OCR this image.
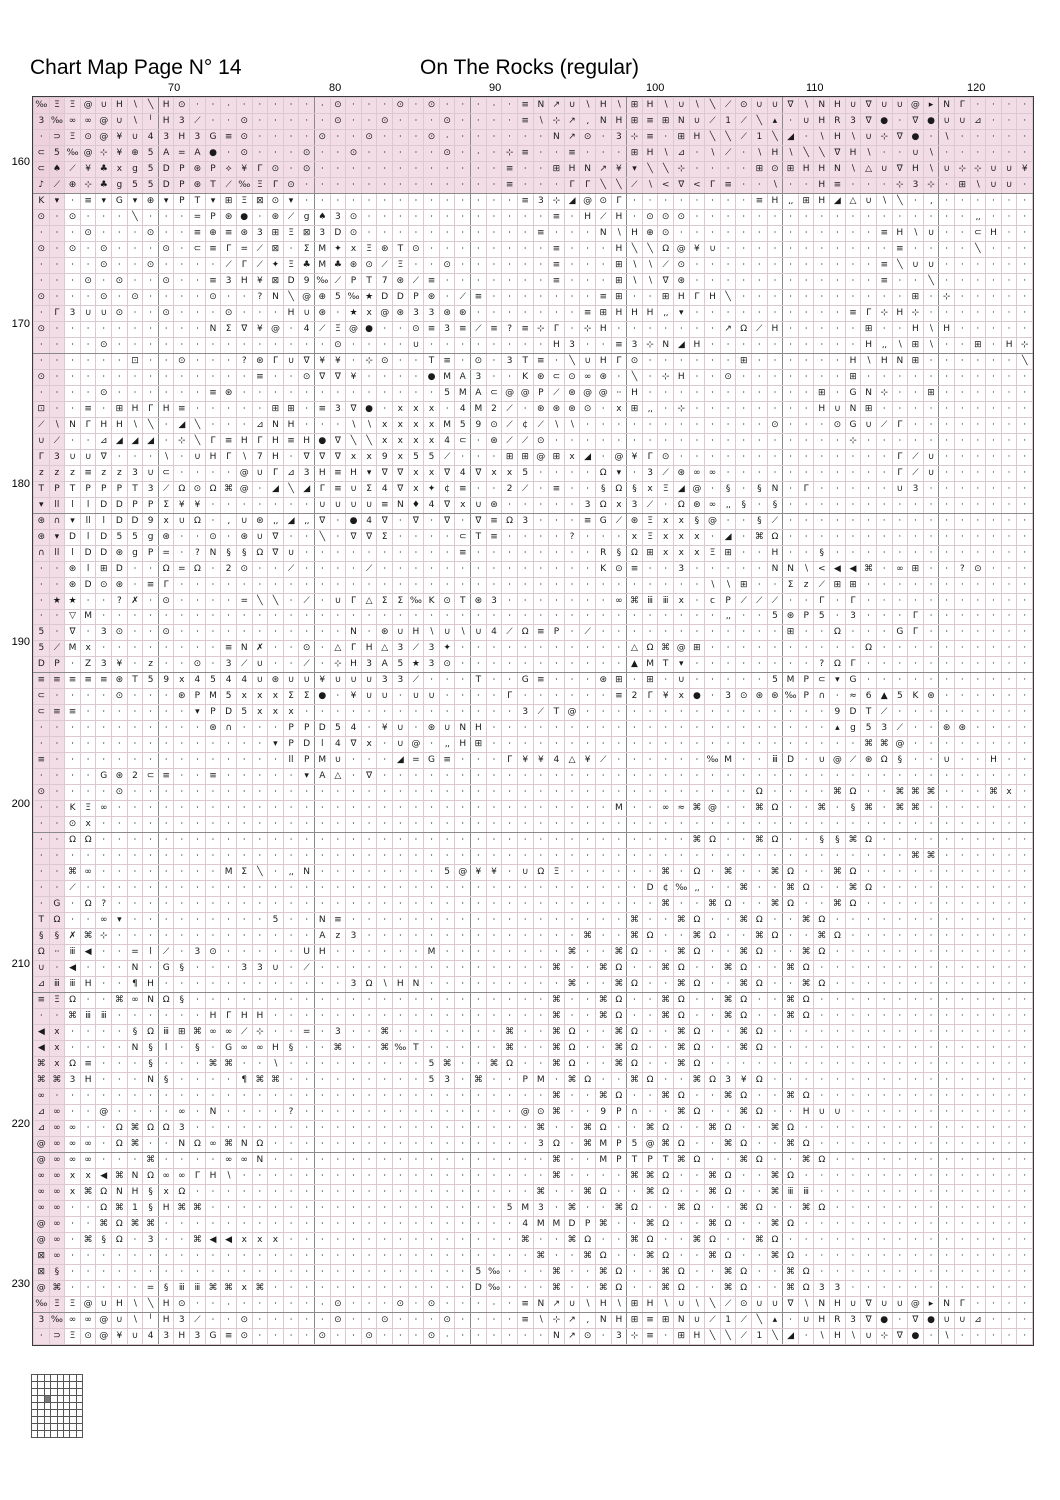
Chart Map Page N° 14	On The Rocks (regular)
70	80	90	100	110	120
160
170
180
190
200
210
220
230
‰	Ξ	Ξ	@	∪	H	∖	╲	H	⊙	·	⸱	⸳	⸱	·	⸱	⸱	·	⸳	⊙	·	⸱	·	⊙	·	⊙	⸱	·	⸱	⸳	·	≡	N	↗	∪	∖	H	∖	⊞	H	∖	∪	∖	╲	⟋	⊙	∪	∪	∇	∖	N	H	∪	∇	∪	∪	@	▸	N	Γ	·	·	·	·
3	‰	∞	∞	@	∪	∖	╵	H	3	⟋	⸱	·	⊙	·	⸱	⸱	·	⸱	⊙	·	⸱	⊙	⸱	⸱	·	⊙	⸱	·	⸱	·	≡	∖	⊹	↗	⸲	N	H	⊞	≡	⊞	N	∪	⟋	1	⟋	╲	▴	⸱	∪	H	R	3	∇	●	⸱	∇	●	∪	∪	⊿	·	·	·
⸱	⊃	Ξ	⊙	@	¥	∪	4	3	H	3	G	≡	⊙	⸱	·	⸱	·	⊙	⸱	⸱	⊙	·	⸱	⸱	⊙	⸳	⸱	·	⸱	·	⸱	⸱	N	↗	⊙	⸱	3	⊹	≡	⸱	⊞	H	╲	╲	⟋	1	╲	◢	⸱	∖	H	∖	∪	⊹	∇	●	⸱	∖	⸱	·	·	·	·
⊂	5	‰	@	⊹	¥	⊕	5	A	=	A	●	⸱	⊙	·	⸱	⸱	⊙	·	⸱	⊙	⸱	⸱	⸱	⸱	⸱	⊙	⸱	⸳	⸱	⊹	≡	⸱	⸱	≡	⸱	⸱	⸱	⊞	H	∖	⊿	⸱	∖	⟋	⸱	∖	H	∖	╲	╲	∇	H	∖	⸱	·	∪	∖	·	·	·	·	·	·
⊂	♠	⟋	¥	♣	ⅹ	g	5	D	P	⊛	P	⟡	¥	Γ	⊙	⸱	⊙	⸱	⸱	⸱	⸱	⸱	⸱	⸱	⸱	⸱	⸱	⸱	⸱	≡	⸱	⸱	⊞	H	N	↗	¥	▾	╲	╲	⊹	⸱	⸱	⸱	⸱	⊞	⊙	⊞	H	H	N	∖	△	∪	∇	H	∖	∪	⊹	⊹	∪	∪	¥
♪	⟋	⊕	⊹	♣	g	5	5	D	P	⊛	T	⟋	‰	Ξ	Γ	⊙	⸱	⸱	⸱	⸱	⸱	⸱	⸱	⸱	⸱	⸱	⸱	⸱	⸱	≡	⸱	⸱	⸱	Γ	Γ	╲	╲	⟋	∖	<	∇	<	Γ	≡	⸱	⸱	∖	⸱	⸱	H	≡	⸱	⸱	⸱	⊹	3	⊹	⸱	⊞	∖	∪	∪	⸱
K	▾	⸱	≡	▾	G	▾	⊕	▾	P	T	▾	⊞	Ξ	⊠	⊙	▾	⸱	⸱	⸱	⸱	⸱	⸱	⸱	⸱	⸱	⸱	⸱	⸱	⸱	⸱	≡	3	⊹	◢	@	⊙	Γ	⸱	·	⸱	⸱	·	⸱	⸱	·	≡	H	⸲⸲	⊞	H	◢	△	∪	∖	╲	⸱	⸲	·	·	·	·	·	·
⊙	⸱	⊙	⸱	⸱	⸱	╲	⸱	⸱	⸱	=	P	⊛	●	⸱	⊛	⟋	g	♠	3	⊙	⸱	⸱	⸱	⸱	⸱	⸱	⸱	⸱	⸱	⸱	⸱	⸱	≡	⸱	H	⟋	H	⸱	⊙	⊙	⊙	⸱	⸱	⸱	⸱	·	⸱	⸱	⸱	⸱	⸱	⸱	⸱	⸱	⸱	⸱	⸱	⸱	⸱	⸲⸲	·	·	·
⸱	⸱	⸱	⊙	⸱	⸱	⸱	⊙	⸱	⸱	≡	⊕	≡	⊛	3	⊞	Ξ	⊠	3	D	⊙	⸱	⸱	⸱	⸱	⸱	⸱	⸱	⸱	⸱	⸱	⸱	≡	⸱	⸱	⸱	N	∖	H	⊕	⊙	⸱	⸱	⸱	⸱	⸱	⸱	⸱	⸱	⸱	⸱	⸱	⸱	⸱	≡	H	∖	∪	⸱	⸱	⊂	H	·	·
⊙	⸱	⊙	⸱	⊙	⸱	⸱	⸱	⊙	⸱	⊂	≡	Γ	=	⟋	⊠	⸱	Σ	M	✦	ⅹ	Ξ	⊛	T	⊙	⸱	⸱	⸱	⸱	⸱	⸱	⸱	⸱	≡	⸱	⸱	⸱	H	╲	╲	Ω	@	¥	∪	⸱	⸱	⸱	⸱	⸱	⸱	⸱	⸱	⸱	⸱	⸱	≡	⸱	⸱	⸱	⸱	╲	⸱	·	·
⸱	⸱	⸱	⸱	⊙	⸱	⸱	⊙	⸱	⸱	⸱	⸱	⟋	Γ	⟋	✦	Ξ	♣	M	♣	⊛	⊙	⟋	Ξ	⸱	⸱	⊙	⸱	⸱	⸱	⸱	⸱	⸱	≡	⸱	⸱	⸱	⊞	∖	∖	⟋	⊙	⸱	⸱	⸱	⸱	⸱	⸱	⸱	⸱	⸱	⸱	⸱	⸱	≡	╲	∪	∪	·	·	·	·	·	·
⸱	⸱	⸱	⊙	⸱	⊙	⸱	⸱	⊙	⸱	⸱	≡	3	H	¥	⊠	D	9	‰	⟋	P	T	7	⊛	⟋	≡	⸱	⸱	⸱	⸱	⸱	⸱	⸱	≡	⸱	⸱	⸱	⊞	∖	∖	∇	⊛	⸱	⸱	⸱	⸱	⸱	⸱	⸱	⸱	⸱	⸱	⸱	⸱	≡	⸱	⸱	╲	·	·	·	·	·	·
⊙	⸱	⸱	⸱	⊙	⸱	⊙	⸱	⸱	⸱	⸱	⊙	⸱	⸱	?	N	╲	@	⊕	5	‰	★	D	D	P	⊛	⸱	⟋	≡	⸱	⸱	⸱	⸱	⸱	⸱	⸱	≡	⊞	⸱	⸱	⊞	H	Γ	H	╲	⸱	⸱	⸱	⸱	⸱	⸱	⸱	⸱	⸱	⸱	⸱	⊞	⸱	⊹	⸱	·	·	·	·
⸱	Γ	3	∪	∪	⊙	⸱	⸱	⊙	⸱	⸱	⸱	⊙	⸱	⸱	⸱	H	∪	⊛	⸱	★	ⅹ	@	⊛	3	3	⊛	⊛	⸱	⸱	⸱	⸱	⸱	⸱	⸱	≡	⊞	H	H	H	⸲⸲	▾	⸱	⸱	⸱	⸱	⸱	⸱	⸱	⸱	⸱	⸱	≡	Γ	⊹	H	⊹	·	·	·	·	·	·	·
⊙	⸱	⸱	⸱	⸱	⸱	⸱	⸱	⸱	⸱	⸱	N	Σ	∇	¥	@	⸱	4	⟋	Ξ	@	●	⸱	⸱	⊙	≡	3	≡	⟋	≡	?	≡	⊹	Γ	⸱	⊹	H	⸱	⸱	⸱	⸱	⸱	⸱	⸱	↗	Ω	⟋	H	⸱	⸱	⸱	⸱	⸱	⊞	⸱	⸱	H	∖	H	·	·	·	·	·
⸱	⸱	⸱	⸱	⊙	⸱	⸱	⸱	⸱	⸱	⸱	⸱	⸱	⸱	⸱	⸱	⸱	⸱	⸱	⊙	⸱	⸱	⸱	⸱	∪	⸱	⸱	⸱	⸱	⸱	⸱	⸱	⸱	H	3	⸱	⸱	≡	3	⊹	N	◢	H	⸱	⸱	⸱	⸱	⸱	⸱	⸱	⸱	⸱	⸱	H	⸲⸲	∖	⊞	∖	⸱	⸱	⊞	⸱	H	⊹
⸱	⸱	⸱	⸱	⸱	⸱	⊡	⸱	⸱	⊙	⸱	⸱	⸱	?	⊛	Γ	∪	∇	¥	¥	⸱	⊹	⊙	⸱	⸱	T	≡	⸱	⊙	⸱	3	T	≡	⸱	╲	∪	H	Γ	⊙	⸱	⸱	⸱	⸱	⸱	⸱	⊞	⸱	⸱	⸱	⸱	⸱	⸱	H	∖	H	N	⊞	⸱	⸱	⸱	⸱	⸱	⸱	╲
⊙	⸱	⸱	⸱	⸱	⸱	⸱	⸱	⸱	⸱	⸱	⸱	⸱	⸱	≡	⸱	⸱	⊙	∇	∇	¥	⸱	⸱	⸱	⸱	●	M	A	3	⸱	⸱	K	⊛	⊂	⊙	∞	⊛	⸱	╲	⸱	⊹	H	⸱	⸱	⊙	⸱	⸱	⸱	⸱	⸱	⸱	⸱	⊞	⸱	⸱	⸱	⸱	⸱	⸱	⸱	·	·	·	·
⸱	⸱	⸱	⸱	⊙	⸱	⸱	⸱	⸱	⸱	⸱	≡	⊛	⸱	⸱	⸱	⸱	⸱	⸱	⸱	⸱	⸱	⸱	⸱	⸱	⸱	5	M	A	⊂	@	@	P	⟋	⊛	@	@	⸱⸱	H	⸱	⸱	⸱	⸱	⸱	⸱	⸱	⸱	⸱	⸱	⸱	⊞	⸱	G	N	⊹	⸱	⸱	⊞	⸱	⸱	·	·	·	·
⊡	⸱	⸱	≡	⸱	⊞	H	Γ	H	≡	⸱	⸱	⸱	⸱	⸱	⊞	⊞	⸱	≡	3	∇	●	⸱	ⅹ	ⅹ	ⅹ	⸱	4	M	2	⟋	⸱	⊛	⊛	⊛	⊙	⸱	ⅹ	⊞	⸲⸲	⸱	⊹	⸱	⸱	⸱	⸱	⸱	⸱	⸱	⸱	H	∪	N	⊞	⸱	⸱	·	·	·	·	·	·	·	·
⟋	∖	N	Γ	H	H	∖	╲	⸱	◢	╲	⸱	⸱	⸱	⊿	N	H	⸱	⸱	⸱	∖	∖	ⅹ	ⅹ	ⅹ	ⅹ	M	5	9	⊙	⟋	¢	⟋	∖	∖	⸱	⸱	⸱	⸱	⸱	⸱	⸱	⸱	⸱	⸱	⸱	⸱	⊙	⸱	⸱	⸱	⊙	G	∪	⟋	Γ	⸱	⸱	·	·	·	·	·	·
∪	⟋	⸱	⸱	⊿	◢	◢	◢	⸱	⊹	╲	Γ	≡	H	Γ	H	≡	H	●	∇	╲	╲	ⅹ	ⅹ	ⅹ	ⅹ	4	⊂	⸱	⊛	⟋	⟋	⊙	⸱	⸱	⸱	⸱	⸱	⸱	⸱	⸱	⸱	⸱	⸱	⸱	⸱	⸱	⸱	⸱	⸱	⸱	⸱	⊹	⸱	⸱	⸱	⸱	⸱	·	·	·	·	·	·
Γ	3	∪	∪	∇	⸱	⸱	⸱	∖	⸱	∪	H	Γ	∖	7	H	⸱	∇	∇	∇	ⅹ	ⅹ	9	ⅹ	5	5	⟋	⸱	⸱	⸱	⊞	⊞	@	⊞	ⅹ	◢	⸱	@	¥	Γ	⊙	⸱	⸱	⸱	⸱	⸱	⸱	⸱	⸱	⸱	⸱	⸱	⸱	⸱	⸱	Γ	⟋	∪	·	·	·	·	·	·
z	z	z	≡	z	z	3	∪	⊂	⸱	⸱	⸱	⸱	@	∪	Γ	⊿	3	H	≡	H	▾	∇	∇	ⅹ	ⅹ	∇	4	∇	ⅹ	ⅹ	5	⸱	⸱	⸱	⸱	Ω	▾	⸱	3	⟋	⊛	∞	∞	⸱	⸱	⸱	⸱	⸱	⸱	⸱	⸱	⸱	⸱	⸱	Γ	⟋	∪	·	·	·	·	·	·
T	P	T	P	P	P	T	3	⟋	Ω	⊙	Ω	⌘	@	⸱	◢	╲	◢	Γ	≡	∪	Σ	4	∇	ⅹ	✦	¢	≡	⸱	⸱	2	⟋	⸱	≡	⸱	⸱	§	Ω	§	ⅹ	Ξ	◢	@	⸱	§	⸱	§	N	⸱	Γ	⸱	⸱	⸱	⸱	⸱	∪	3	·	·	·	·	·	·	·
▾	ⅼⅼ	ⅼ	ⅼ	D	D	P	P	Σ	¥	¥	⸱	⸱	⸱	⸱	⸱	⸱	⸱	∪	∪	∪	∪	≡	N	♦	4	∇	ⅹ	∪	⊛	⸱	⸱	⸱	⸱	⸱	3	Ω	ⅹ	3	⟋	⸱	Ω	⊛	∞	⸲⸲	§	⸱	§	⸱	⸱	⸱	⸱	⸱	⸱	⸱	⸱	⸱	·	·	·	·	·	·	·
⊛	∩	▾	ⅼⅼ	ⅼ	D	D	9	ⅹ	∪	Ω	⸱	⸲	∪	⊛	⸲⸲	◢	⸲⸲	∇	⸱	●	4	∇	⸱	∇	⸱	∇	⸱	∇	≡	Ω	3	⸱	⸱	⸱	≡	G	⟋	⊛	Ξ	ⅹ	ⅹ	§	@	⸱	⸱	§	⟋	⸱	⸱	⸱	⸱	⸱	·	·	·	·	·	·	·	·	·	·	·
⊛	▾	D	ⅼ	D	5	5	g	⊛	⸱	⸱	⊙	⸱	⊛	∪	∇	⸱	⸱	╲	⸱	∇	∇	Σ	⸱	⸱	⸱	⸱	⊂	T	≡	⸱	⸱	⸱	⸱	?	⸱	⸱	⸱	ⅹ	Ξ	ⅹ	ⅹ	ⅹ	⸱	◢	⸱	⌘	Ω	⸱	⸱	⸱	⸱	⸱	⸱	⸱	·	·	·	·	·	·	·	·	·
∩	ⅼⅼ	ⅼ	D	D	⊛	g	P	=	⸱	?	N	§	§	Ω	∇	∪	⸱	⸱	⸱	⸱	⸱	⸱	⸱	⸱	⸱	⸱	≡	⸱	⸱	⸱	⸱	⸱	⸱	⸱	⸱	R	§	Ω	⊞	ⅹ	ⅹ	ⅹ	Ξ	⊞	⸱	⸱	H	⸱	⸱	§	⸱	⸱	⸱	⸱	⸱	⸱	·	·	·	·	·	·	·
⸱	⸱	⊛	ⅼ	⊞	D	⸱	⸱	Ω	=	Ω	⸱	2	⊙	⸱	⸱	⟋	⸱	⸱	⸱	⸱	⟋	⸱	⸱	⸱	⸱	⸱	⸱	⸱	⸱	⸱	⸱	⸱	⸱	⸱	⸱	K	⊙	≡	⸱	⸱	3	⸱	⸱	⸱	⸱	⸱	N	N	∖	<	◀	◀	⌘	⸱	∞	⊞	⸱	⸱	?	⊙	·	·	·
⸱	⸱	⊛	D	⊙	⊛	⸱	≡	Γ	⸱	⸱	⸱	⸱	⸱	⸱	⸱	⸱	⸱	⸱	⸱	⸱	⸱	⸱	⸱	⸱	⸱	⸱	⸱	⸱	⸱	⸱	⸱	⸱	⸱	⸱	⸱	⸱	⸱	⸱	⸱	⸱	⸱	⸱	∖	∖	⊞	⸱	⸱	Σ	z	⟋	⊞	⊞	⸱	⸱	⸱	⸱	·	·	·	·	·	·	·
⸱	★	★	⸱	⸱	?	✗	⸱	⊙	⸱	⸱	⸱	⸱	=	╲	╲	⸱	⟋	⸱	∪	Γ	△	Σ	Σ	‰	K	⊙	T	⊛	3	⸱	⸱	⸱	⸱	⸱	⸱	⸱	∞	⌘	ⅲ	ⅲ	ⅹ	⸱	c	P	⟋	⟋	⟋	⸱	⸱	Γ	⸱	Γ	⸱	·	·	·	·	·	·	·	·	·	·
⸱	⸱	▽	M	⸱	⸱	⸱	⸱	⸱	⸱	⸱	⸱	⸱	⸱	⸱	⸱	⸱	⸱	⸱	⸱	⸱	⸱	⸱	⸱	⸱	⸱	⸱	⸱	⸱	⸱	⸱	⸱	⸱	⸱	⸱	⸱	⸱	⸱	⸱	⸱	⸱	⸱	⸱	⸱	⸲⸲	⸱	⸱	5	⊛	P	5	⸱	3	⸱	⸱	⸱	Γ	⸱	⸱	·	·	·	·	·
5	⸱	∇	⸱	3	⊙	⸱	⸱	⊙	⸱	⸱	⸱	⸱	⸱	⸱	⸱	⸱	⸱	⸱	⸱	N	⸱	⊛	∪	H	∖	∪	∖	∪	4	⟋	Ω	≡	P	⸱	⟋	⸱	⸱	⸱	⸱	⸱	⸱	⸱	⸱	⸱	⸱	⸱	⸱	⊞	⸱	⸱	Ω	⸱	⸱	⸱	G	Γ	⸱	⸱	·	·	·	·	·
5	⟋	M	ⅹ	⸱	⸱	⸱	⸱	⸱	⸱	⸱	⸱	≡	N	✗	⸱	⸱	⊙	⸱	△	Γ	H	△	3	⟋	3	✦	⸱	⸱	⸱	⸱	⸱	⸱	⸱	⸱	⸱	⸱	⸱	△	Ω	⌘	@	⊞	⸱	⸱	⸱	⸱	⸱	⸱	⸱	⸱	⸱	⸱	Ω	⸱	⸱	·	·	·	·	·	·	·	·
D	P	⸱	Z	3	¥	⸱	z	⸱	⸱	⊙	⸱	3	⟋	∪	⸱	⸱	⟋	⸱	⊹	H	3	A	5	★	3	⊙	⸱	⸱	⸱	⸱	⸱	⸱	⸱	⸱	⸱	⸱	⸱	▲	M	T	▾	⸱	⸱	⸱	⸱	⸱	⸱	⸱	⸱	?	Ω	Γ	⸱	⸱	·	·	·	·	·	·	·	·	·
≡	≡	≡	≡	≡	⊛	T	5	9	ⅹ	4	5	4	4	∪	⊛	∪	∪	¥	∪	∪	∪	3	3	⟋	⸱	⸱	⸱	T	⸱	⸱	G	≡	⸱	⸱	⸱	⊛	⊞	⸱	⊞	⸱	∪	⸱	⸱	⸱	⸱	⸱	5	M	P	⊂	▾	G	⸱	⸱	⸱	⸱	·	·	·	·	·	·	·
⊂	⸱	⸱	⸱	⸱	⊙	⸱	⸱	⸱	⊛	P	M	5	ⅹ	ⅹ	ⅹ	Σ	Σ	●	⸱	¥	∪	∪	⸱	∪	∪	⸱	⸱	⸱	⸱	Γ	⸱	⸱	⸱	⸱	⸱	⸱	≡	2	Γ	¥	ⅹ	●	⸱	3	⊙	⊛	⊛	‰	P	∩	⸱	≈	6	▲	5	K	⊛	⸱	⸱	⸱	⸱	⸱	·
⊂	≡	≡	⸱	⸱	⸱	⸱	⸱	⸱	⸱	▾	P	D	5	ⅹ	ⅹ	ⅹ	⸱	⸱	⸱	⸱	⸱	⸱	⸱	⸱	⸱	⸱	⸱	⸱	⸱	⸱	3	⟋	T	@	⸱	⸱	⸱	⸱	⸱	⸱	⸱	⸱	⸱	⸱	⸱	⸱	⸱	⸱	⸱	⸱	9	D	T	⟋	⸱	⸱	⸱	⸱	⸱	·	·	·	·
⸱	⸱	⸱	⸱	⸱	⸱	⸱	⸱	⸱	⸱	⸱	⊛	∩	⸱	⸱	⸱	P	P	D	5	4	⸱	¥	∪	⸱	⊛	∪	N	H	⸱	⸱	⸱	⸱	⸱	⸱	⸱	⸱	⸱	⸱	⸱	⸱	⸱	⸱	⸱	⸱	⸱	⸱	⸱	⸱	⸱	⸱	▴	g	5	3	⟋	⸱	⸱	⊛	⊛	⸱	⸱	·	·
⸱	⸱	⸱	⸱	⸱	⸱	⸱	⸱	⸱	⸱	⸱	⸱	⸱	⸱	⸱	▾	P	D	ⅼ	4	∇	ⅹ	⸱	∪	@	⸱	⸲⸲	H	⊞	⸱	⸱	⸱	⸱	⸱	⸱	⸱	⸱	⸱	⸱	⸱	⸱	⸱	⸱	⸱	⸱	⸱	⸱	⸱	⸱	⸱	⸱	⸱	⸱	⌘	⌘	@	⸱	⸱	·	·	·	·	·	·
≡	⸱	⸱	⸱	⸱	⸱	⸱	⸱	⸱	⸱	⸱	⸱	⸱	⸱	⸱	⸱	ⅼⅼ	P	M	∪	⸱	⸱	⸱	◢	=	G	≡	⸱	⸱	⸱	Γ	¥	¥	4	△	¥	⟋	⸱	⸱	⸱	⸱	⸱	⸱	‰	M	⸱	⸱	ⅲ	D	⸱	∪	@	⟋	⊛	Ω	§	⸱	⸱	∪	⸱	⸱	H	⸱	⸱
⸱	⸱	⸱	⸱	G	⊛	2	⊂	≡	⸱	⸱	≡	⸱	⸱	⸱	⸱	⸱	▾	A	△	⸱	∇	⸱	⸱	⸱	⸱	⸱	⸱	⸱	⸱	⸱	⸱	⸱	⸱	⸱	⸱	⸱	⸱	⸱	⸱	⸱	⸱	⸱	⸱	⸱	⸱	⸱	⸱	⸱	⸱	⸱	⸱	⸱	⸱	⸱	⸱	⸱	⸱	⸱	⸱	⸱	⸱	·	·
⊙	⸱	⸱	⸱	⸱	⊙	⸱	⸱	⸱	⸱	⸱	⸱	⸱	⸱	⸱	⸱	⸱	⸱	⸱	⸱	⸱	⸱	⸱	⸱	⸱	⸱	⸱	⸱	⸱	⸱	⸱	⸱	⸱	⸱	⸱	⸱	⸱	⸱	⸱	⸱	⸱	⸱	⸱	⸱	⸱	⸱	Ω	⸱	⸱	⸱	⸱	⌘	Ω	⸱	⸱	⌘	⌘	⌘	⸱	⸱	⸱	⌘	ⅹ	·
⸱	⸱	K	Ξ	∞	⸱	⸱	⸱	⸱	⸱	⸱	⸱	⸱	⸱	⸱	⸱	⸱	⸱	⸱	⸱	⸱	⸱	⸱	⸱	⸱	⸱	⸱	⸱	⸱	⸱	⸱	⸱	⸱	⸱	⸱	⸱	⸱	M	⸱	⸱	∞	≈	⌘	@	⸱	⸱	⌘	Ω	⸱	⸱	⌘	⸱	§	⌘	⸱	⌘	⌘	⸱	·	·	·	·	·	·
⸱	⸱	⊙	ⅹ	⸱	⸱	⸱	⸱	⸱	⸱	⸱	⸱	⸱	⸱	⸱	⸱	⸱	⸱	⸱	⸱	⸱	⸱	⸱	⸱	⸱	⸱	⸱	⸱	⸱	⸱	⸱	⸱	⸱	⸱	⸱	⸱	⸱	⸱	⸱	⸱	⸱	⸱	⸱	⸱	⸱	⸱	⸱	⸱	⸱	⸱	⸱	⸱	⸱	⸱	⸱	⸱	⸱	⸱	⸱	⸱	⸱	·	·	·
⸱	⸱	Ω	Ω	⸱	⸱	⸱	⸱	⸱	⸱	⸱	⸱	⸱	⸱	⸱	⸱	⸱	⸱	⸱	⸱	⸱	⸱	⸱	⸱	⸱	⸱	⸱	⸱	⸱	⸱	⸱	⸱	⸱	⸱	⸱	⸱	⸱	⸱	⸱	⸱	⸱	⸱	⌘	Ω	⸱	⸱	⌘	Ω	⸱	⸱	§	§	⌘	Ω	⸱	⸱	·	·	·	·	·	·	·	·
⸱	⸱	⸱	⸱	⸱	⸱	⸱	⸱	⸱	⸱	⸱	⸱	⸱	⸱	⸱	⸱	⸱	⸱	⸱	⸱	⸱	⸱	⸱	⸱	⸱	⸱	⸱	⸱	⸱	⸱	⸱	⸱	⸱	⸱	⸱	⸱	⸱	⸱	⸱	⸱	⸱	⸱	⸱	⸱	⸱	⸱	⸱	⸱	⸱	⸱	⸱	⸱	⸱	⸱	⸱	⸱	⌘	⌘	⸱	·	·	·	·	·
⸱	⸱	⌘	∞	⸱	⸱	⸱	⸱	⸱	⸱	⸱	⸱	M	Σ	╲	⸱	⸲⸲	N	⸱	⸱	⸱	⸱	⸱	⸱	⸱	⸱	5	@	¥	¥	⸱	∪	Ω	Ξ	⸱	⸱	⸱	⸱	⸱	⸱	⌘	⸱	Ω	⸱	⌘	⸱	⸱	⌘	Ω	⸱	⸱	⌘	Ω	⸱	⸱	·	·	·	·	·	·	·	·	·
⸱	⸱	⟋	⸱	⸱	⸱	⸱	⸱	⸱	⸱	⸱	⸱	⸱	⸱	⸱	⸱	⸱	⸱	⸱	⸱	⸱	⸱	⸱	⸱	⸱	⸱	⸱	⸱	⸱	⸱	⸱	⸱	⸱	⸱	⸱	⸱	⸱	⸱	⸱	D	¢	‰	⸲⸲	⸱	⸱	⌘	⸱	⸱	⌘	Ω	⸱	⸱	⌘	Ω	⸱	·	·	·	·	·	·	·	·	·
⸱	G	⸱	Ω	?	⸱	⸱	⸱	⸱	⸱	⸱	⸱	⸱	⸱	⸱	⸱	⸱	⸱	⸱	⸱	⸱	⸱	⸱	⸱	⸱	⸱	⸱	⸱	⸱	⸱	⸱	⸱	⸱	⸱	⸱	⸱	⸱	⸱	⸱	⸱	⌘	⸱	⸱	⌘	Ω	⸱	⸱	⌘	Ω	⸱	⸱	⌘	Ω	⸱	⸱	·	·	·	·	·	·	·	·	·
T	Ω	⸱	⸱	∞	▾	⸱	⸱	⸱	⸱	⸱	⸱	⸱	⸱	⸱	5	⸱	⸱	N	≡	⸱	⸱	⸱	⸱	⸱	⸱	⸱	⸱	⸱	⸱	⸱	⸱	⸱	⸱	⸱	⸱	⸱	⸱	⌘	⸱	⸱	⌘	Ω	⸱	⸱	⌘	Ω	⸱	⸱	⌘	Ω	⸱	⸱	·	·	·	·	·	·	·	·	·	·	·
§	§	✗	⌘	⊹	⸱	⸱	⸱	⸱	⸱	⸱	⸱	⸱	⸱	⸱	⸱	⸱	⸱	A	z	3	⸱	⸱	⸱	⸱	⸱	⸱	⸱	⸱	⸱	⸱	⸱	⸱	⸱	⸱	⌘	⸱	⸱	⌘	Ω	⸱	⸱	⌘	Ω	⸱	⸱	⌘	Ω	⸱	⸱	⌘	Ω	⸱	·	·	·	·	·	·	·	·	·	·	·
Ω	⸱⸱	ⅲ	◀	⸱	⸱	=	ⅼ	⟋	⸱	3	⊙	⸱	⸱	⸱	⸱	⸱	U	H	⸱	⸱	⸱	⸱	⸱	⸱	M	⸱	⸱	⸱	⸱	⸱	⸱	⸱	⸱	⌘	⸱	⸱	⌘	Ω	⸱	⸱	⌘	Ω	⸱	⸱	⌘	Ω	⸱	⸱	⌘	Ω	⸱	·	·	·	·	·	·	·	·	·	·	·	·
∪	⸱	◀	⸱	⸱	⸱	N	⸱	G	§	⸱	⸱	⸱	3	3	∪	⸱	⟋	⸱	⸱	⸱	⸱	⸱	⸱	⸱	⸱	⸱	⸱	⸱	⸱	⸱	⸱	⸱	⌘	⸱	⸱	⌘	Ω	⸱	⸱	⌘	Ω	⸱	⸱	⌘	Ω	⸱	⸱	⌘	Ω	⸱	·	·	·	·	·	·	·	·	·	·	·	·	·
⊿	ⅲ	ⅲ	H	⸱	⸱	¶	H	⸱	⸱	⸱	⸱	⸱	⸱	⸱	⸱	⸱	⸱	⸱	⸱	3	Ω	∖	H	N	⸱	⸱	⸱	⸱	⸱	⸱	⸱	⸱	⸱	⌘	⸱	⸱	⌘	Ω	⸱	⸱	⌘	Ω	⸱	⸱	⌘	Ω	⸱	⸱	⌘	Ω	⸱	·	·	·	·	·	·	·	·	·	·	·	·
≡	Ξ	Ω	⸱	⸱	⌘	∞	N	Ω	§	⸱	⸱	⸱	⸱	⸱	⸱	⸱	⸱	⸱	⸱	⸱	⸱	⸱	⸱	⸱	⸱	⸱	⸱	⸱	⸱	⸱	⸱	⸱	⌘	⸱	⸱	⌘	Ω	⸱	⸱	⌘	Ω	⸱	⸱	⌘	Ω	⸱	⸱	⌘	Ω	⸱	·	·	·	·	·	·	·	·	·	·	·	·	·
⸱	⸱	⌘	ⅲ	ⅲ	⸱	⸱	⸱	⸱	⸱	⸱	H	Γ	H	H	⸱	⸱	⸱	⸱	⸱	⸱	⸱	⸱	⸱	⸱	⸱	⸱	⸱	⸱	⸱	⸱	⸱	⸱	⌘	⸱	⸱	⌘	Ω	⸱	⸱	⌘	Ω	⸱	⸱	⌘	Ω	⸱	⸱	⌘	Ω	⸱	·	·	·	·	·	·	·	·	·	·	·	·	·
◀	ⅹ	⸱	⸱	⸱	⸱	§	Ω	ⅲ	⊞	⌘	∞	∞	⟋	⊹	⸱	⸱	=	⸱	3	⸱	⸱	⌘	⸱	⸱	⸱	⸱	⸱	⸱	⸱	⌘	⸱	⸱	⌘	Ω	⸱	⸱	⌘	Ω	⸱	⸱	⌘	Ω	⸱	⸱	⌘	Ω	⸱	·	·	·	·	·	·	·	·	·	·	·	·	·	·	·	·
◀	ⅹ	⸱	⸱	⸱	⸱	N	§	ⅼ	⸱	§	⸱	G	∞	∞	H	§	⸱	⸱	⌘	⸱	⸱	⌘	‰	T	⸱	⸱	⸱	⸱	⸱	⌘	⸱	⸱	⌘	Ω	⸱	⸱	⌘	Ω	⸱	⸱	⌘	Ω	⸱	⸱	⌘	Ω	⸱	·	·	·	·	·	·	·	·	·	·	·	·	·	·	·	·
⌘	ⅹ	Ω	≡	⸱	⸱	⸱	§	⸱	⸱	⸱	⌘	⌘	⸱	⸱	∖	⸱	⸱	⸱	⸱	⸱	⸱	⸱	⸱	⸱	5	⌘	⸱	⸱	⌘	Ω	⸱	⸱	⌘	Ω	⸱	⸱	⌘	Ω	⸱	⸱	⌘	Ω	⸱	·	·	·	·	·	·	·	·	·	·	·	·	·	·	·	·	·	·	·	·
⌘	⌘	3	H	⸱	⸱	⸱	N	§	⸱	⸱	⸱	⸱	¶	⌘	⌘	⸱	⸱	⸱	⸱	⸱	⸱	⸱	⸱	⸱	5	3	⸱	⌘	⸱	⸱	P	M	⸱	⌘	Ω	⸱	⸱	⌘	Ω	⸱	⸱	⌘	Ω	3	¥	Ω	·	·	·	·	·	·	·	·	·	·	·	·	·	·	·	·	·
∞	⸱	⸱	⸱	⸱	⸱	⸱	⸱	⸱	⸱	⸱	⸱	⸱	⸱	⸱	⸱	⸱	⸱	⸱	⸱	⸱	⸱	⸱	⸱	⸱	⸱	⸱	⸱	⸱	⸱	⸱	⸱	⸱	⌘	⸱	⸱	⌘	Ω	⸱	⸱	⌘	Ω	⸱	⸱	⌘	Ω	⸱	⸱	⌘	Ω	⸱	·	·	·	·	·	·	·	·	·	·	·	·	·
⊿	∞	⸱	⸱	@	⸱	⸱	⸱	⸱	∞	⸱	N	⸱	⸱	⸱	⸱	?	⸱	⸱	⸱	⸱	⸱	⸱	⸱	⸱	⸱	⸱	⸱	⸱	⸱	⸱	@	⊙	⌘	⸱	⸱	9	P	∩	⸱	⸱	⌘	Ω	⸱	⸱	⌘	Ω	⸱	⸱	H	∪	∪	·	·	·	·	·	·	·	·	·	·	·	·
⊿	∞	∞	⸱	⸱	Ω	⌘	Ω	Ω	3	⸱	⸱	⸱	⸱	⸱	⸱	⸱	⸱	⸱	⸱	⸱	⸱	⸱	⸱	⸱	⸱	⸱	⸱	⸱	⸱	⸱	⸱	⌘	⸱	⸱	⌘	Ω	⸱	⸱	⌘	Ω	⸱	⸱	⌘	Ω	⸱	⸱	⌘	Ω	⸱	·	·	·	·	·	·	·	·	·	·	·	·	·	·
@	∞	∞	∞	⸱	Ω	⌘	⸱	⸱	N	Ω	∞	⌘	N	Ω	⸱	⸱	⸱	⸱	⸱	⸱	⸱	⸱	⸱	⸱	⸱	⸱	⸱	⸱	⸱	⸱	⸱	3	Ω	⸱	⌘	M	P	5	@	⌘	Ω	⸱	⸱	⌘	Ω	⸱	⸱	⌘	Ω	⸱	·	·	·	·	·	·	·	·	·	·	·	·	·
@	∞	∞	∞	⸱	⸱	⸱	⌘	⸱	⸱	⸱	⸱	∞	∞	N	⸱	⸱	⸱	⸱	⸱	⸱	⸱	⸱	⸱	⸱	⸱	⸱	⸱	⸱	⸱	⸱	⸱	⸱	⌘	⸱	⸱	M	P	T	P	T	⌘	Ω	⸱	⸱	⌘	Ω	⸱	⸱	⌘	Ω	⸱	·	·	·	·	·	·	·	·	·	·	·	·
∞	∞	ⅹ	ⅹ	◀	⌘	N	Ω	∞	∞	Γ	H	∖	⸱	⸱	⸱	⸱	⸱	⸱	⸱	⸱	⸱	⸱	⸱	⸱	⸱	⸱	⸱	⸱	⸱	⸱	⸱	⸱	⌘	⸱	⸱	⸱	⸱	⌘	⌘	Ω	⸱	⸱	⌘	Ω	⸱	⸱	⌘	Ω	⸱	·	·	·	·	·	·	·	·	·	·	·	·	·	·
∞	∞	ⅹ	⌘	Ω	N	H	§	ⅹ	Ω	⸱	⸱	⸱	⸱	⸱	⸱	⸱	⸱	⸱	⸱	⸱	⸱	⸱	⸱	⸱	⸱	⸱	⸱	⸱	⸱	⸱	⸱	⌘	⸱	⸱	⌘	Ω	⸱	⸱	⌘	Ω	⸱	⸱	⌘	Ω	⸱	⸱	⌘	ⅲ	ⅲ	·	·	·	·	·	·	·	·	·	·	·	·	·	·
∞	∞	⸱	⸱	Ω	⌘	1	§	H	⌘	⌘	⸱	⸱	⸱	⸱	⸱	⸱	⸱	⸱	⸱	⸱	⸱	⸱	⸱	⸱	⸱	⸱	⸱	⸱	⸱	5	M	3	⸱	⌘	⸱	⸱	⌘	Ω	⸱	⸱	⌘	Ω	⸱	⸱	⌘	Ω	⸱	⸱	⌘	Ω	⸱	·	·	·	·	·	·	·	·	·	·	·	·
@	∞	⸱	⸱	⌘	Ω	⌘	⌘	⸱	⸱	⸱	⸱	⸱	⸱	⸱	⸱	⸱	⸱	⸱	⸱	⸱	⸱	⸱	⸱	⸱	⸱	⸱	⸱	⸱	⸱	⸱	4	M	M	D	P	⌘	⸱	⸱	⌘	Ω	⸱	⸱	⌘	Ω	⸱	⸱	⌘	Ω	⸱	·	·	·	·	·	·	·	·	·	·	·	·	·	·
@	∞	⸱	⌘	§	Ω	⸱	3	⸱	⸱	⌘	◀	◀	ⅹ	ⅹ	ⅹ	⸱	⸱	⸱	⸱	⸱	⸱	⸱	⸱	⸱	⸱	⸱	⸱	⸱	⸱	⸱	⌘	⸱	⸱	⌘	Ω	⸱	⸱	⌘	Ω	⸱	⸱	⌘	Ω	⸱	⸱	⌘	Ω	⸱	·	·	·	·	·	·	·	·	·	·	·	·	·	·	·
⊠	∞	⸱	⸱	⸱	⸱	⸱	⸱	⸱	⸱	⸱	⸱	⸱	⸱	⸱	⸱	⸱	⸱	⸱	⸱	⸱	⸱	⸱	⸱	⸱	⸱	⸱	⸱	⸱	⸱	⸱	⸱	⌘	⸱	⸱	⌘	Ω	⸱	⸱	⌘	Ω	⸱	⸱	⌘	Ω	⸱	⸱	⌘	Ω	⸱	·	·	·	·	·	·	·	·	·	·	·	·	·	·
⊠	§	⸱	⸱	⸱	⸱	⸱	⸱	⸱	⸱	⸱	⸱	⸱	⸱	⸱	⸱	⸱	⸱	⸱	⸱	⸱	⸱	⸱	⸱	⸱	⸱	⸱	⸱	5	‰	⸱	⸱	⸱	⌘	⸱	⸱	⌘	Ω	⸱	⸱	⌘	Ω	⸱	⸱	⌘	Ω	⸱	⸱	⌘	Ω	⸱	·	·	·	·	·	·	·	·	·	·	·	·	·
@	⌘	⸱	⸱	⸱	⸱	⸱	=	§	ⅲ	ⅲ	⌘	⌘	ⅹ	⌘	⸱	⸱	⸱	⸱	⸱	⸱	⸱	⸱	⸱	⸱	⸱	⸱	⸱	D	‰	⸱	⸱	⸱	⌘	⸱	⸱	⌘	Ω	⸱	⸱	⌘	Ω	⸱	⸱	⌘	Ω	⸱	⸱	⌘	Ω	3	3	·	·	·	·	·	·	·	·	·	·	·	·
‰	Ξ	Ξ	@	∪	H	∖	╲	H	⊙	·	⸱	⸳	⸱	·	⸱	⸱	·	⸳	⊙	·	⸱	·	⊙	·	⊙	⸱	·	⸱	⸳	·	≡	N	↗	∪	∖	H	∖	⊞	H	∖	∪	∖	╲	⟋	⊙	∪	∪	∇	∖	N	H	∪	∇	∪	∪	@	▸	N	Γ	·	·	·	·
3	‰	∞	∞	@	∪	∖	╵	H	3	⟋	⸱	·	⊙	·	⸱	⸱	·	⸱	⊙	·	⸱	⊙	⸱	⸱	·	⊙	⸱	·	⸱	·	≡	∖	⊹	↗	⸲	N	H	⊞	≡	⊞	N	∪	⟋	1	⟋	╲	▴	⸱	∪	H	R	3	∇	●	⸱	∇	●	∪	∪	⊿	·	·	·
⸱	⊃	Ξ	⊙	@	¥	∪	4	3	H	3	G	≡	⊙	⸱	·	⸱	·	⊙	⸱	⸱	⊙	·	⸱	⸱	⊙	⸳	⸱	·	⸱	·	⸱	⸱	N	↗	⊙	⸱	3	⊹	≡	⸱	⊞	H	╲	╲	⟋	1	╲	◢	⸱	∖	H	∖	∪	⊹	∇	●	⸱	∖	⸱	·	·	·	·
